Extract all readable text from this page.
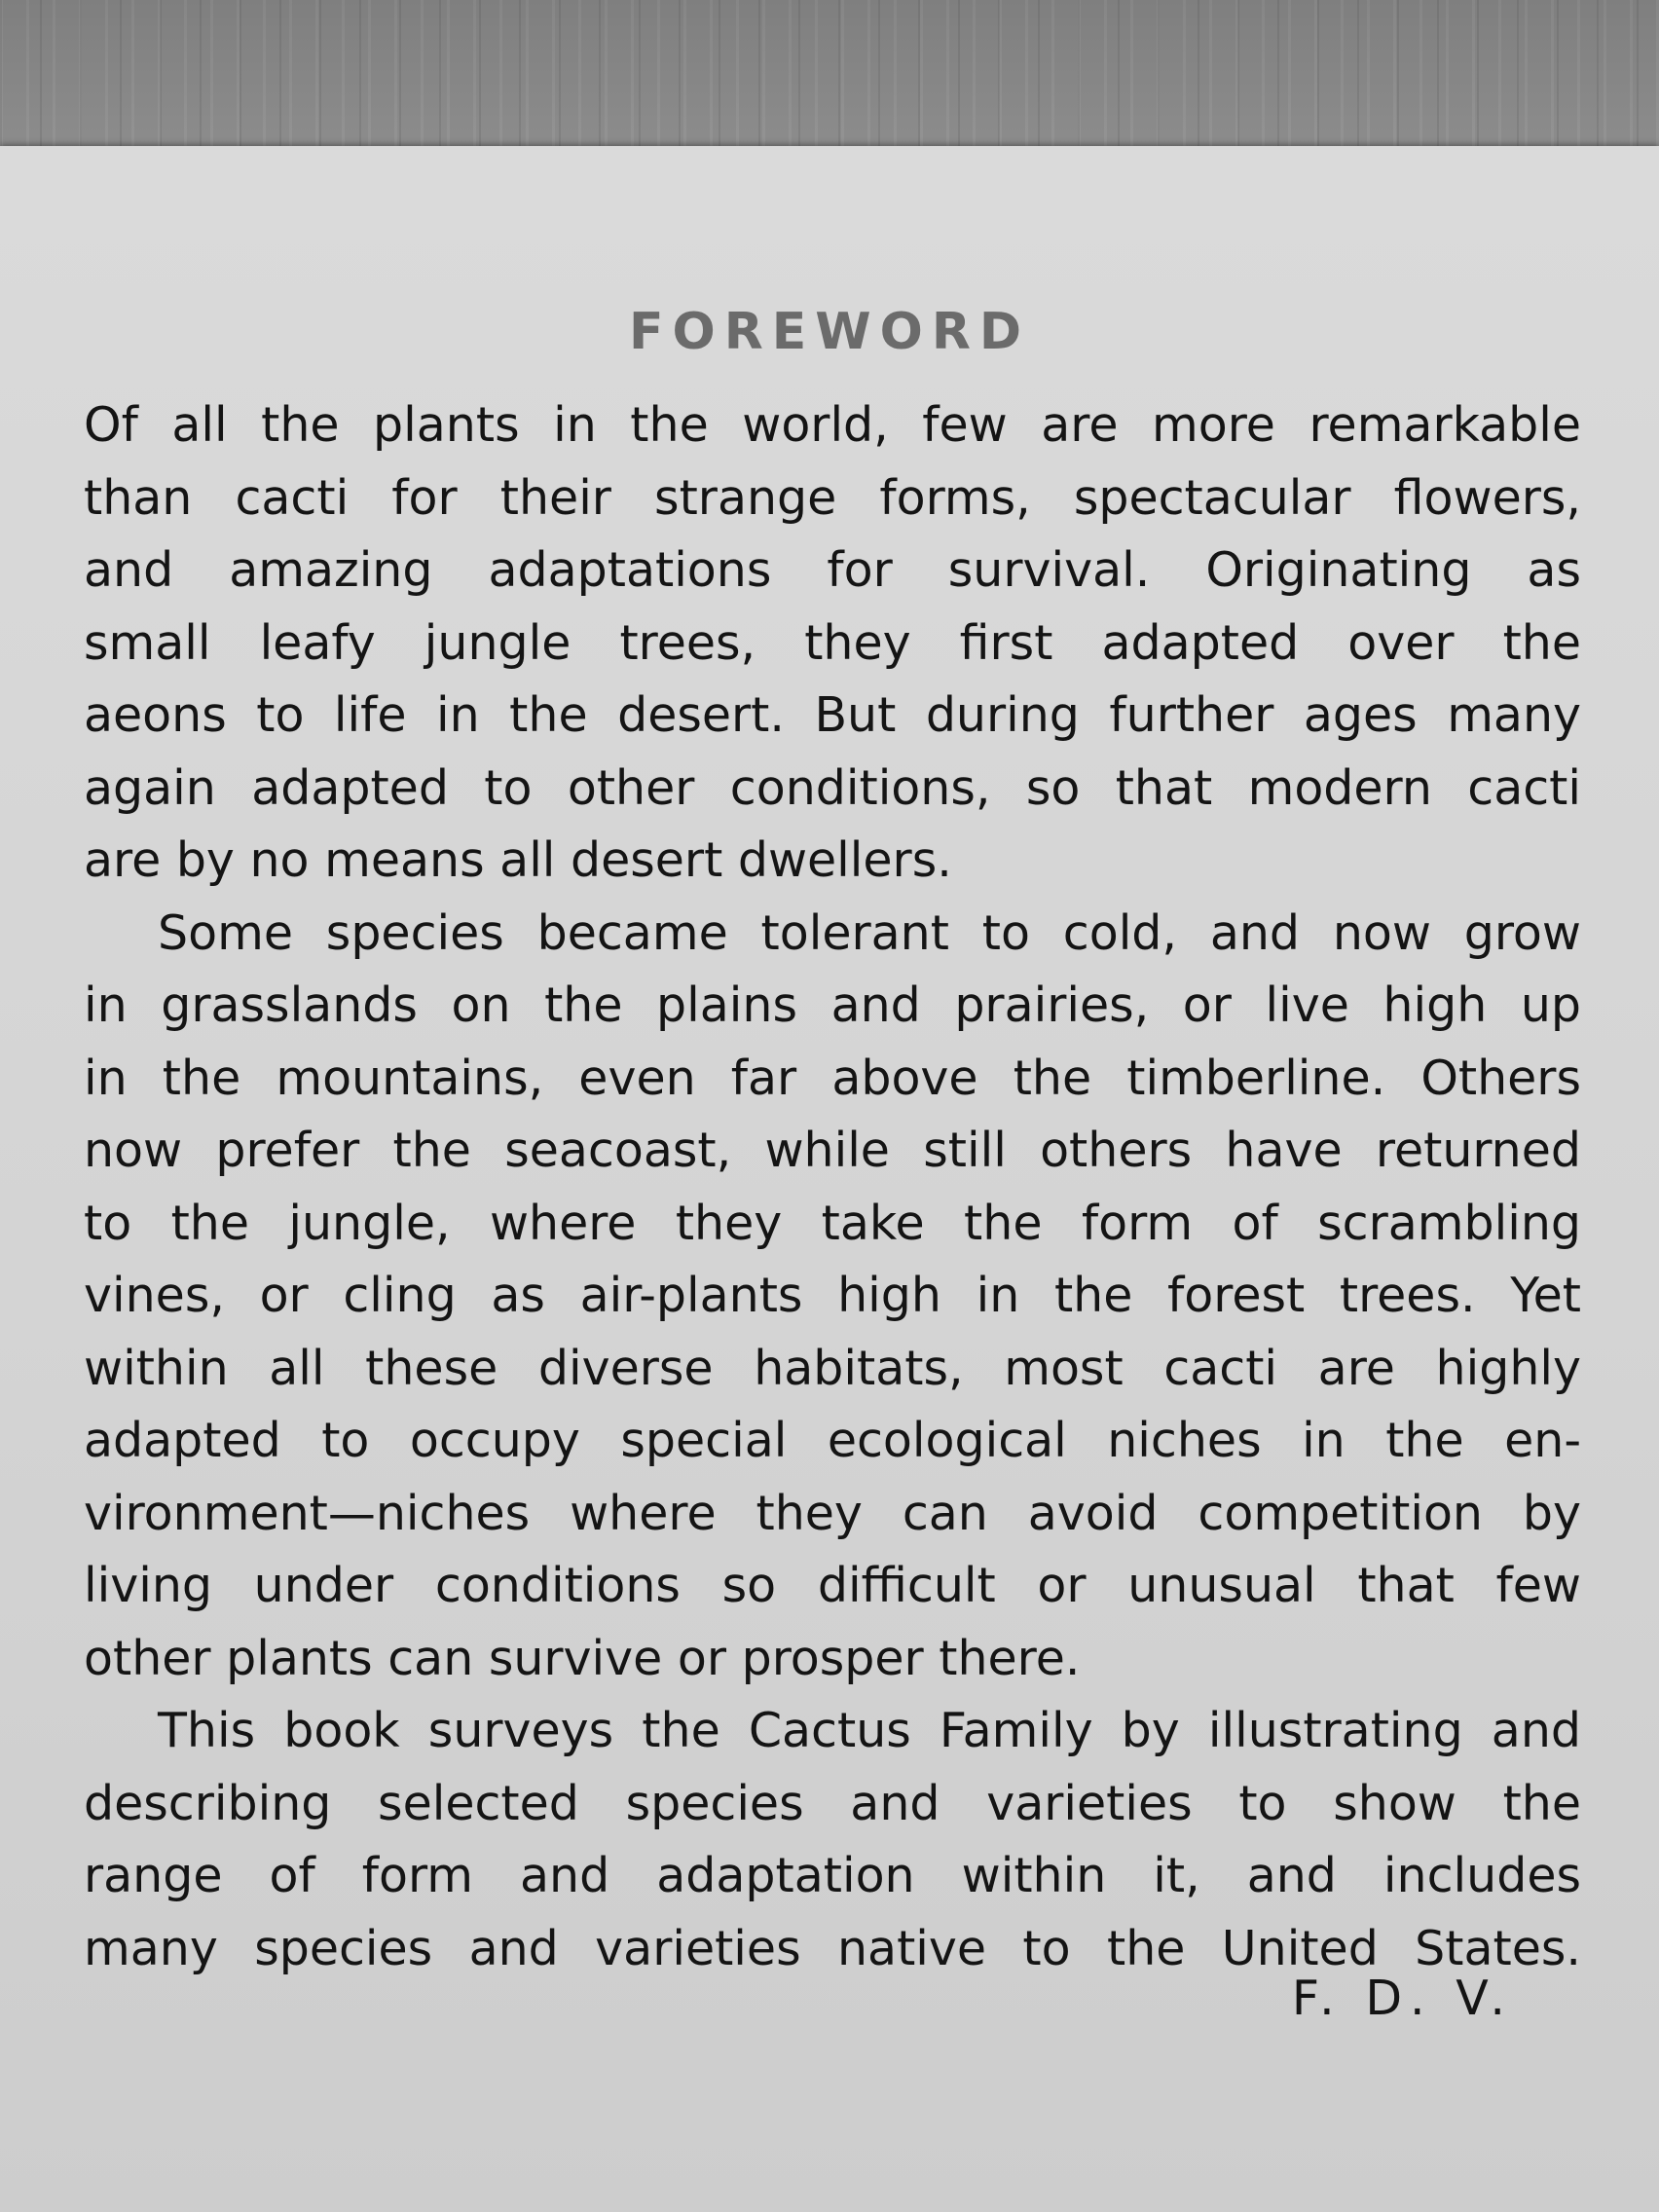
FOREWORD
Of all the plants in the world, few are more remarkable
than cacti for their strange forms, spectacular flowers,
and amazing adaptations for survival. Originating as
small leafy jungle trees, they first adapted over the
aeons to life in the desert. But during further ages many
again adapted to other conditions, so that modern cacti
are by no means all desert dwellers.
Some species became tolerant to cold, and now grow
in grasslands on the plains and prairies, or live high up
in the mountains, even far above the timberline. Others
now prefer the seacoast, while still others have returned
to the jungle, where they take the form of scrambling
vines, or cling as air-plants high in the forest trees. Yet
within all these diverse habitats, most cacti are highly
adapted to occupy special ecological niches in the en-
vironment—niches where they can avoid competition by
living under conditions so difficult or unusual that few
other plants can survive or prosper there.
This book surveys the Cactus Family by illustrating and
describing selected species and varieties to show the
range of form and adaptation within it, and includes
many species and varieties native to the United States.
F. D. V.
